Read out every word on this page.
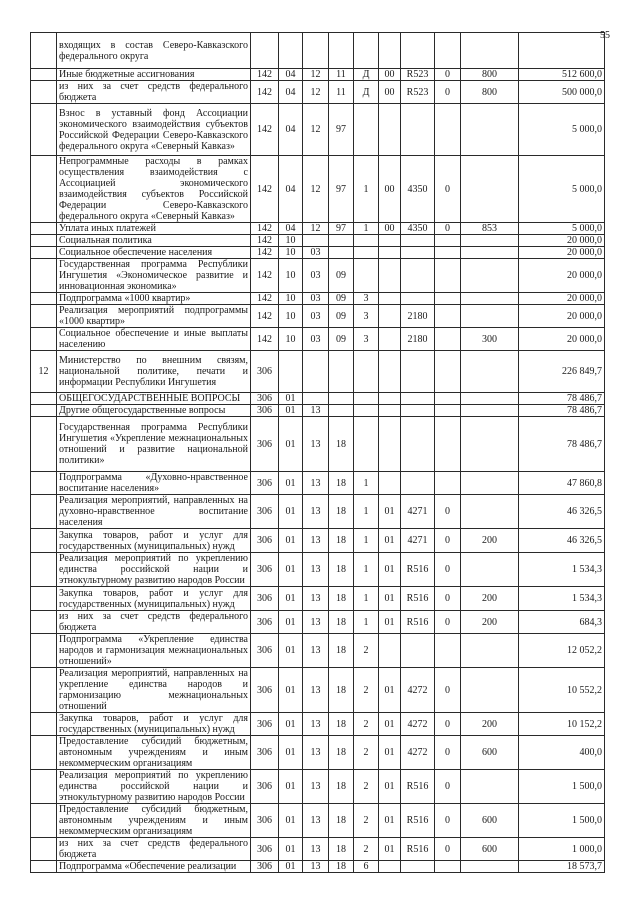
55
	входящих в состав Северо-Кавказского федерального округа										
	Иные бюджетные ассигнования	142	04	12	11	Д	00	R523	0	800	512 600,0
	из них за счет средств федерального бюджета	142	04	12	11	Д	00	R523	0	800	500 000,0
	Взнос в уставный фонд Ассоциации экономического взаимодействия субъектов Российской Федерации Северо-Кавказского федерального округа «Северный Кавказ»	142	04	12	97						5 000,0
	Непрограммные расходы в рамках осуществления взаимодействия с Ассоциацией экономического взаимодействия субъектов Российской Федерации Северо-Кавказского федерального округа «Северный Кавказ»	142	04	12	97	1	00	4350	0		5 000,0
	Уплата иных платежей	142	04	12	97	1	00	4350	0	853	5 000,0
	Социальная политика	142	10								20 000,0
	Социальное обеспечение населения	142	10	03							20 000,0
	Государственная программа Республики Ингушетия «Экономическое развитие и инновационная экономика»	142	10	03	09						20 000,0
	Подпрограмма «1000 квартир»	142	10	03	09	3					20 000,0
	Реализация мероприятий подпрограммы «1000 квартир»	142	10	03	09	3		2180			20 000,0
	Социальное обеспечение и иные выплаты населению	142	10	03	09	3		2180		300	20 000,0
12	Министерство по внешним связям, национальной политике, печати и информации Республики Ингушетия	306									226 849,7
	ОБЩЕГОСУДАРСТВЕННЫЕ ВОПРОСЫ	306	01								78 486,7
	Другие общегосударственные вопросы	306	01	13							78 486,7
	Государственная программа Республики Ингушетия «Укрепление межнациональных отношений и развитие национальной политики»	306	01	13	18						78 486,7
	Подпрограмма «Духовно-нравственное воспитание населения»	306	01	13	18	1					47 860,8
	Реализация мероприятий, направленных на духовно-нравственное воспитание населения	306	01	13	18	1	01	4271	0		46 326,5
	Закупка товаров, работ и услуг для государственных (муниципальных) нужд	306	01	13	18	1	01	4271	0	200	46 326,5
	Реализация мероприятий по укреплению единства российской нации и этнокультурному развитию народов России	306	01	13	18	1	01	R516	0		1 534,3
	Закупка товаров, работ и услуг для государственных (муниципальных) нужд	306	01	13	18	1	01	R516	0	200	1 534,3
	из них за счет средств федерального бюджета	306	01	13	18	1	01	R516	0	200	684,3
	Подпрограмма «Укрепление единства народов и гармонизация межнациональных отношений»	306	01	13	18	2					12 052,2
	Реализация мероприятий, направленных на укрепление единства народов и гармонизацию межнациональных отношений	306	01	13	18	2	01	4272	0		10 552,2
	Закупка товаров, работ и услуг для государственных (муниципальных) нужд	306	01	13	18	2	01	4272	0	200	10 152,2
	Предоставление субсидий бюджетным, автономным учреждениям и иным некоммерческим организациям	306	01	13	18	2	01	4272	0	600	400,0
	Реализация мероприятий по укреплению единства российской нации и этнокультурному развитию народов России	306	01	13	18	2	01	R516	0		1 500,0
	Предоставление субсидий бюджетным, автономным учреждениям и иным некоммерческим организациям	306	01	13	18	2	01	R516	0	600	1 500,0
	из них за счет средств федерального бюджета	306	01	13	18	2	01	R516	0	600	1 000,0
	Подпрограмма «Обеспечение реализации	306	01	13	18	6					18 573,7
